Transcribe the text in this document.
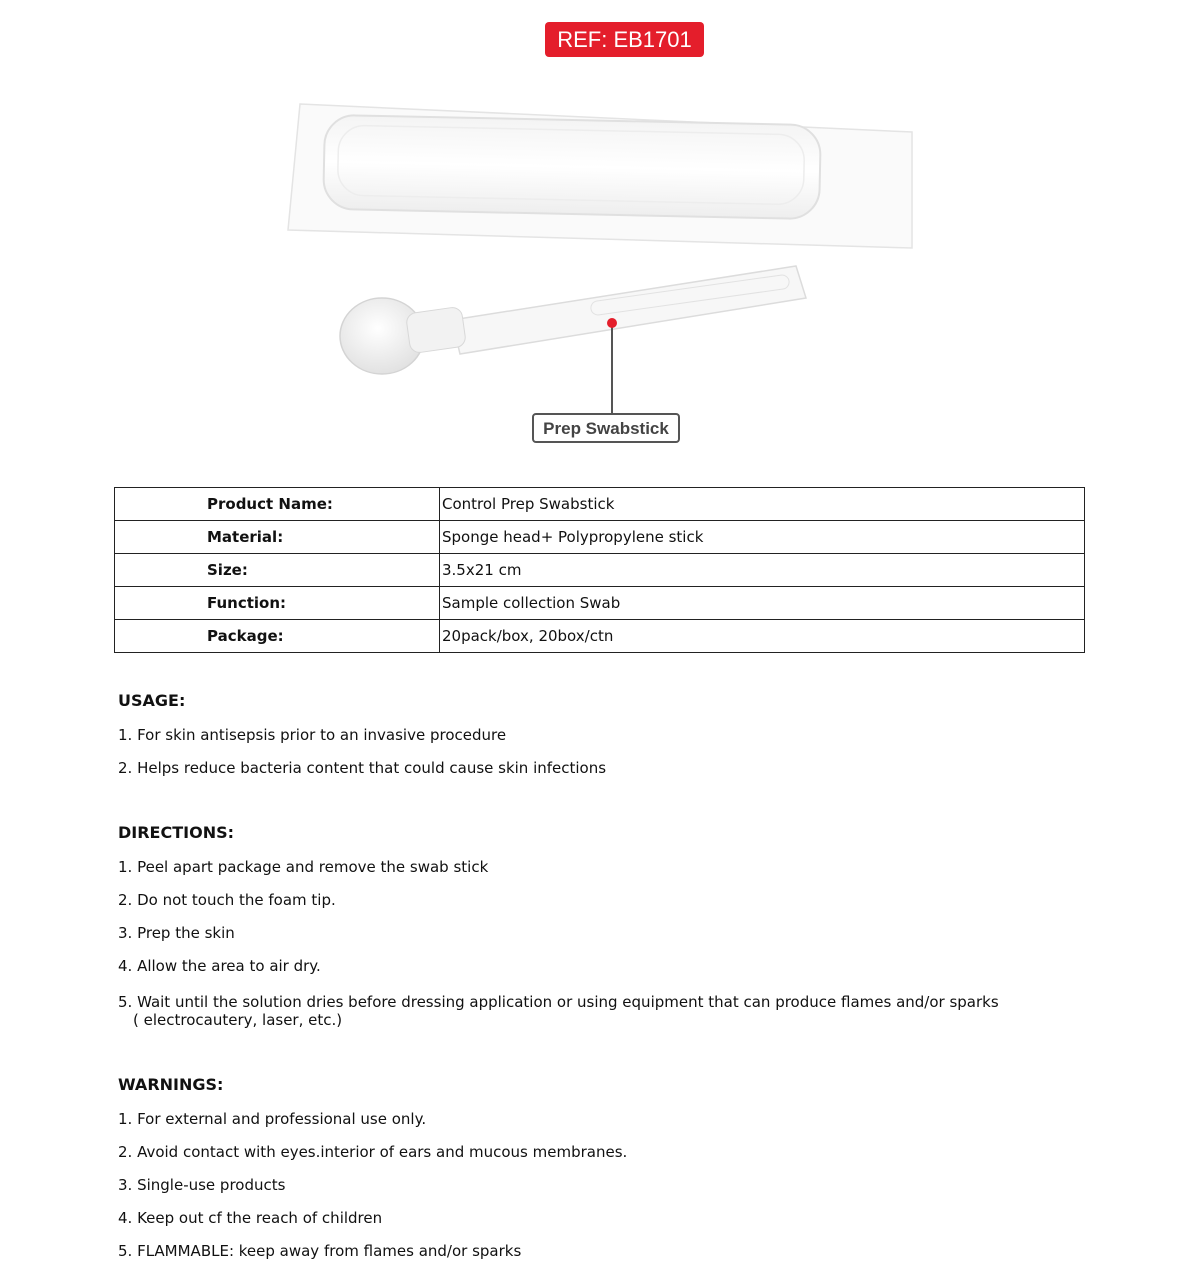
REF: EB1701
Prep Swabstick
Product Name:	Control Prep Swabstick
Material:	Sponge head+ Polypropylene stick
Size:	3.5x21 cm
Function:	Sample collection Swab
Package:	20pack/box, 20box/ctn
USAGE:
1. For skin antisepsis prior to an invasive procedure
2. Helps reduce bacteria content that could cause skin infections
DIRECTIONS:
1. Peel apart package and remove the swab stick
2. Do not touch the foam tip.
3. Prep the skin
4. Allow the area to air dry.
5. Wait until the solution dries before dressing application or using equipment that can produce flames and/or sparks ( electrocautery, laser, etc.)
WARNINGS:
1. For external and professional use only.
2. Avoid contact with eyes.interior of ears and mucous membranes.
3. Single-use products
4. Keep out cf the reach of children
5. FLAMMABLE: keep away from flames and/or sparks
